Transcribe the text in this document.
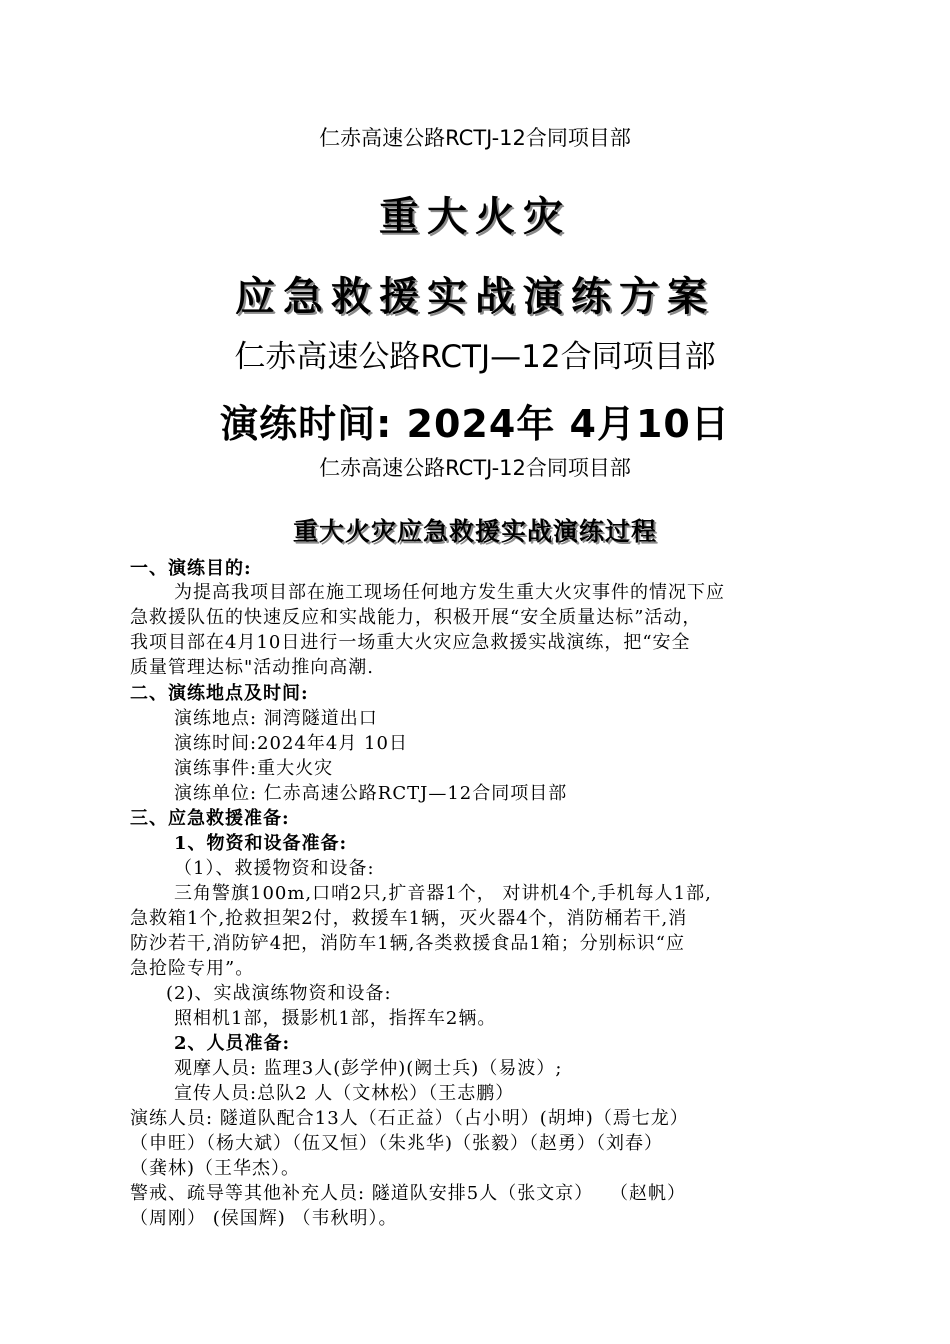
仁赤高速公路RCTJ-12合同项目部
重大火灾
应急救援实战演练方案
仁赤高速公路RCTJ—12合同项目部
演练时间: 2024年 4月10日
仁赤高速公路RCTJ-12合同项目部
重大火灾应急救援实战演练过程
一、演练目的:
为提高我项目部在施工现场任何地方发生重大火灾事件的情况下应
急救援队伍的快速反应和实战能力，积极开展“安全质量达标”活动，
我项目部在4月10日进行一场重大火灾应急救援实战演练，把“安全
质量管理达标"活动推向高潮.
二、演练地点及时间:
演练地点: 洞湾隧道出口
演练时间:2024年4月 10日
演练事件:重大火灾
演练单位: 仁赤高速公路RCTJ—12合同项目部
三、应急救援准备:
1、物资和设备准备:
（1）、救援物资和设备:
三角警旗100m,口哨2只,扩音器1个， 对讲机4个,手机每人1部,
急救箱1个,抢救担架2付，救援车1辆，灭火器4个，消防桶若干,消
防沙若干,消防铲4把，消防车1辆,各类救援食品1箱；分别标识“应
急抢险专用”。
(2)、实战演练物资和设备:
照相机1部，摄影机1部，指挥车2辆。
2、人员准备:
观摩人员: 监理3人(彭学仲)(阙士兵)（易波）;
宣传人员:总队2 人（文林松）（王志鹏）
演练人员: 隧道队配合13人（石正益）（占小明）(胡坤)（焉七龙）
（申旺）（杨大斌）（伍又恒）（朱兆华)（张毅）（赵勇）（刘春）
（龚林)（王华杰）。
警戒、疏导等其他补充人员: 隧道队安排5人（张文京）　 （赵帆）
（周刚） (侯国辉) （韦秋明）。
